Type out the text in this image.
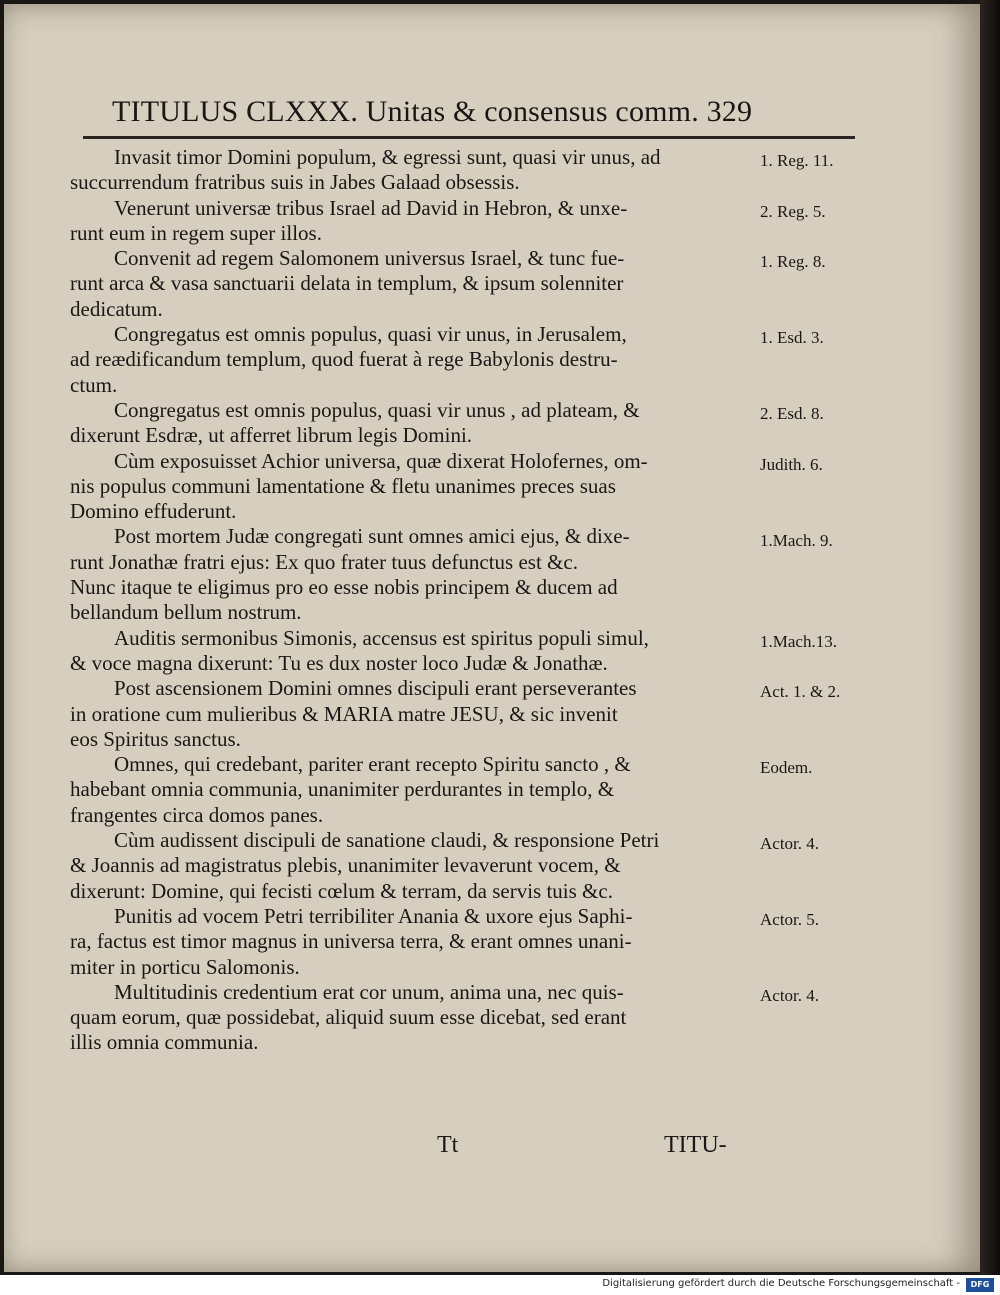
TITULUS CLXXX. Unitas & consensus comm. 329
Invasit timor Domini populum, & egressi sunt, quasi vir unus, ad
succurrendum fratribus suis in Jabes Galaad obsessis.
Venerunt universæ tribus Israel ad David in Hebron, & unxe-
runt eum in regem super illos.
Convenit ad regem Salomonem universus Israel, & tunc fue-
runt arca & vasa sanctuarii delata in templum, & ipsum solenniter
dedicatum.
Congregatus est omnis populus, quasi vir unus, in Jerusalem,
ad reædificandum templum, quod fuerat à rege Babylonis destru-
ctum.
Congregatus est omnis populus, quasi vir unus , ad plateam, &
dixerunt Esdræ, ut afferret librum legis Domini.
Cùm exposuisset Achior universa, quæ dixerat Holofernes, om-
nis populus communi lamentatione & fletu unanimes preces suas
Domino effuderunt.
Post mortem Judæ congregati sunt omnes amici ejus, & dixe-
runt Jonathæ fratri ejus: Ex quo frater tuus defunctus est &c.
Nunc itaque te eligimus pro eo esse nobis principem & ducem ad
bellandum bellum nostrum.
Auditis sermonibus Simonis, accensus est spiritus populi simul,
& voce magna dixerunt: Tu es dux noster loco Judæ & Jonathæ.
Post ascensionem Domini omnes discipuli erant perseverantes
in oratione cum mulieribus & MARIA matre JESU, & sic invenit
eos Spiritus sanctus.
Omnes, qui credebant, pariter erant recepto Spiritu sancto , &
habebant omnia communia, unanimiter perdurantes in templo, &
frangentes circa domos panes.
Cùm audissent discipuli de sanatione claudi, & responsione Petri
& Joannis ad magistratus plebis, unanimiter levaverunt vocem, &
dixerunt: Domine, qui fecisti cœlum & terram, da servis tuis &c.
Punitis ad vocem Petri terribiliter Anania & uxore ejus Saphi-
ra, factus est timor magnus in universa terra, & erant omnes unani-
miter in porticu Salomonis.
Multitudinis credentium erat cor unum, anima una, nec quis-
quam eorum, quæ possidebat, aliquid suum esse dicebat, sed erant
illis omnia communia.
1. Reg. 11.
2. Reg. 5.
1. Reg. 8.
1. Esd. 3.
2. Esd. 8.
Judith. 6.
1.Mach. 9.
1.Mach.13.
Act. 1. & 2.
Eodem.
Actor. 4.
Actor. 5.
Actor. 4.
Tt	TITU-
Digitalisierung gefördert durch die Deutsche Forschungsgemeinschaft -	DFG
